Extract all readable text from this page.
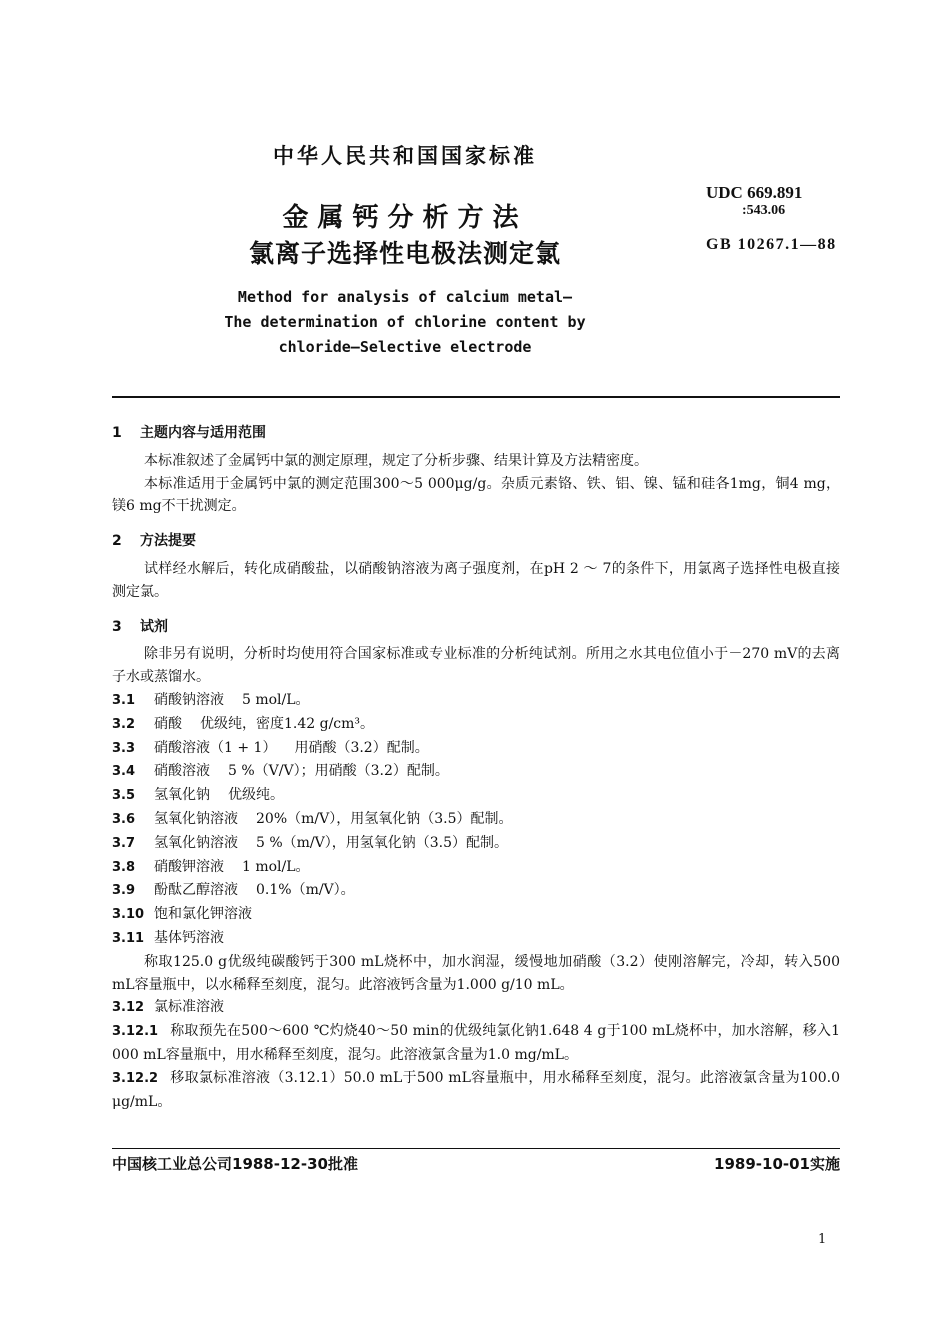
中华人民共和国国家标准
金属钙分析方法
氯离子选择性电极法测定氯
UDC 669.891
:543.06
GB 10267.1—88
Method for analysis of calcium metal—
The determination of chlorine content by
chloride—Selective electrode
1 主题内容与适用范围
本标准叙述了金属钙中氯的测定原理，规定了分析步骤、结果计算及方法精密度。
本标准适用于金属钙中氯的测定范围300～5 000μg/g。杂质元素铬、铁、铝、镍、锰和硅各1mg，铜4 mg，镁6 mg不干扰测定。
2 方法提要
试样经水解后，转化成硝酸盐，以硝酸钠溶液为离子强度剂，在pH 2 ～ 7的条件下，用氯离子选择性电极直接测定氯。
3 试剂
除非另有说明，分析时均使用符合国家标准或专业标准的分析纯试剂。所用之水其电位值小于－270 mV的去离子水或蒸馏水。
3.1 硝酸钠溶液 5 mol/L。
3.2 硝酸 优级纯，密度1.42 g/cm³。
3.3 硝酸溶液（1 + 1） 用硝酸（3.2）配制。
3.4 硝酸溶液 5 %（V/V）；用硝酸（3.2）配制。
3.5 氢氧化钠 优级纯。
3.6 氢氧化钠溶液 20%（m/V），用氢氧化钠（3.5）配制。
3.7 氢氧化钠溶液 5 %（m/V），用氢氧化钠（3.5）配制。
3.8 硝酸钾溶液 1 mol/L。
3.9 酚酞乙醇溶液 0.1%（m/V）。
3.10 饱和氯化钾溶液
3.11 基体钙溶液
称取125.0 g优级纯碳酸钙于300 mL烧杯中，加水润湿，缓慢地加硝酸（3.2）使刚溶解完，冷却，转入500 mL容量瓶中，以水稀释至刻度，混匀。此溶液钙含量为1.000 g/10 mL。
3.12 氯标准溶液
3.12.1 称取预先在500～600 ℃灼烧40～50 min的优级纯氯化钠1.648 4 g于100 mL烧杯中，加水溶解，移入1 000 mL容量瓶中，用水稀释至刻度，混匀。此溶液氯含量为1.0 mg/mL。
3.12.2 移取氯标准溶液（3.12.1）50.0 mL于500 mL容量瓶中，用水稀释至刻度，混匀。此溶液氯含量为100.0 μg/mL。
中国核工业总公司1988-12-30批准	1989-10-01实施
1
